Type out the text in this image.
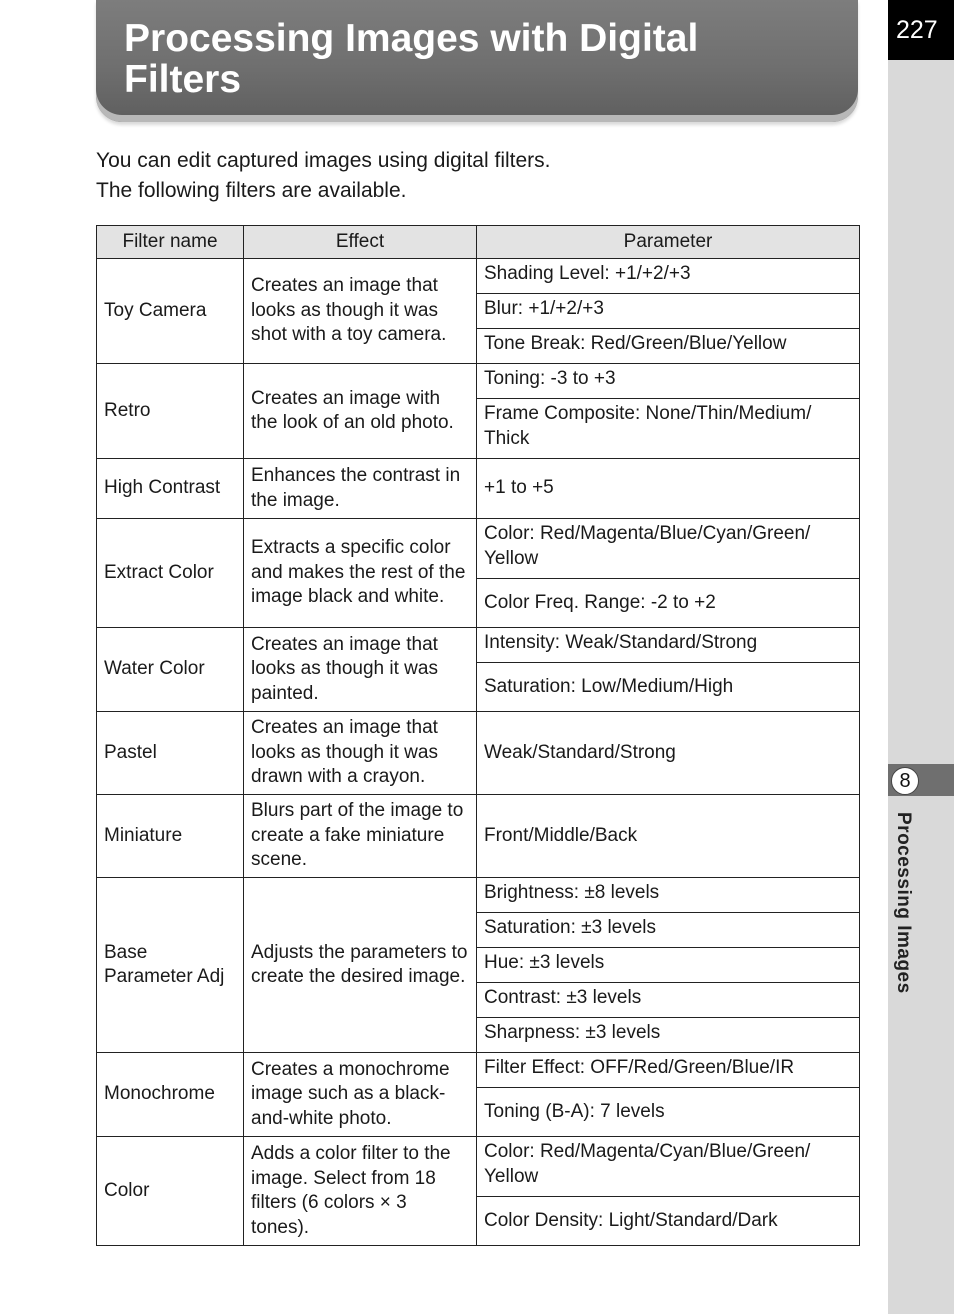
Processing Images with Digital Filters
227
8
Processing Images
You can edit captured images using digital filters.
The following filters are available.
Filter name	Effect	Parameter
Toy Camera	Creates an image that looks as though it was shot with a toy camera.	Shading Level: +1/+2/+3
		Blur: +1/+2/+3
		Tone Break: Red/Green/Blue/Yellow
Retro	Creates an image with the look of an old photo.	Toning: -3 to +3
		Frame Composite: None/Thin/Medium/ Thick
High Contrast	Enhances the contrast in the image.	+1 to +5
Extract Color	Extracts a specific color and makes the rest of the image black and white.	Color: Red/Magenta/Blue/Cyan/Green/ Yellow
		Color Freq. Range: -2 to +2
Water Color	Creates an image that looks as though it was painted.	Intensity: Weak/Standard/Strong
		Saturation: Low/Medium/High
Pastel	Creates an image that looks as though it was drawn with a crayon.	Weak/Standard/Strong
Miniature	Blurs part of the image to create a fake miniature scene.	Front/Middle/Back
Base Parameter Adj	Adjusts the parameters to create the desired image.	Brightness: ±8 levels
		Saturation: ±3 levels
		Hue: ±3 levels
		Contrast: ±3 levels
		Sharpness: ±3 levels
Monochrome	Creates a monochrome image such as a black-and-white photo.	Filter Effect: OFF/Red/Green/Blue/IR
		Toning (B-A): 7 levels
Color	Adds a color filter to the image. Select from 18 filters (6 colors × 3 tones).	Color: Red/Magenta/Cyan/Blue/Green/ Yellow
		Color Density: Light/Standard/Dark
